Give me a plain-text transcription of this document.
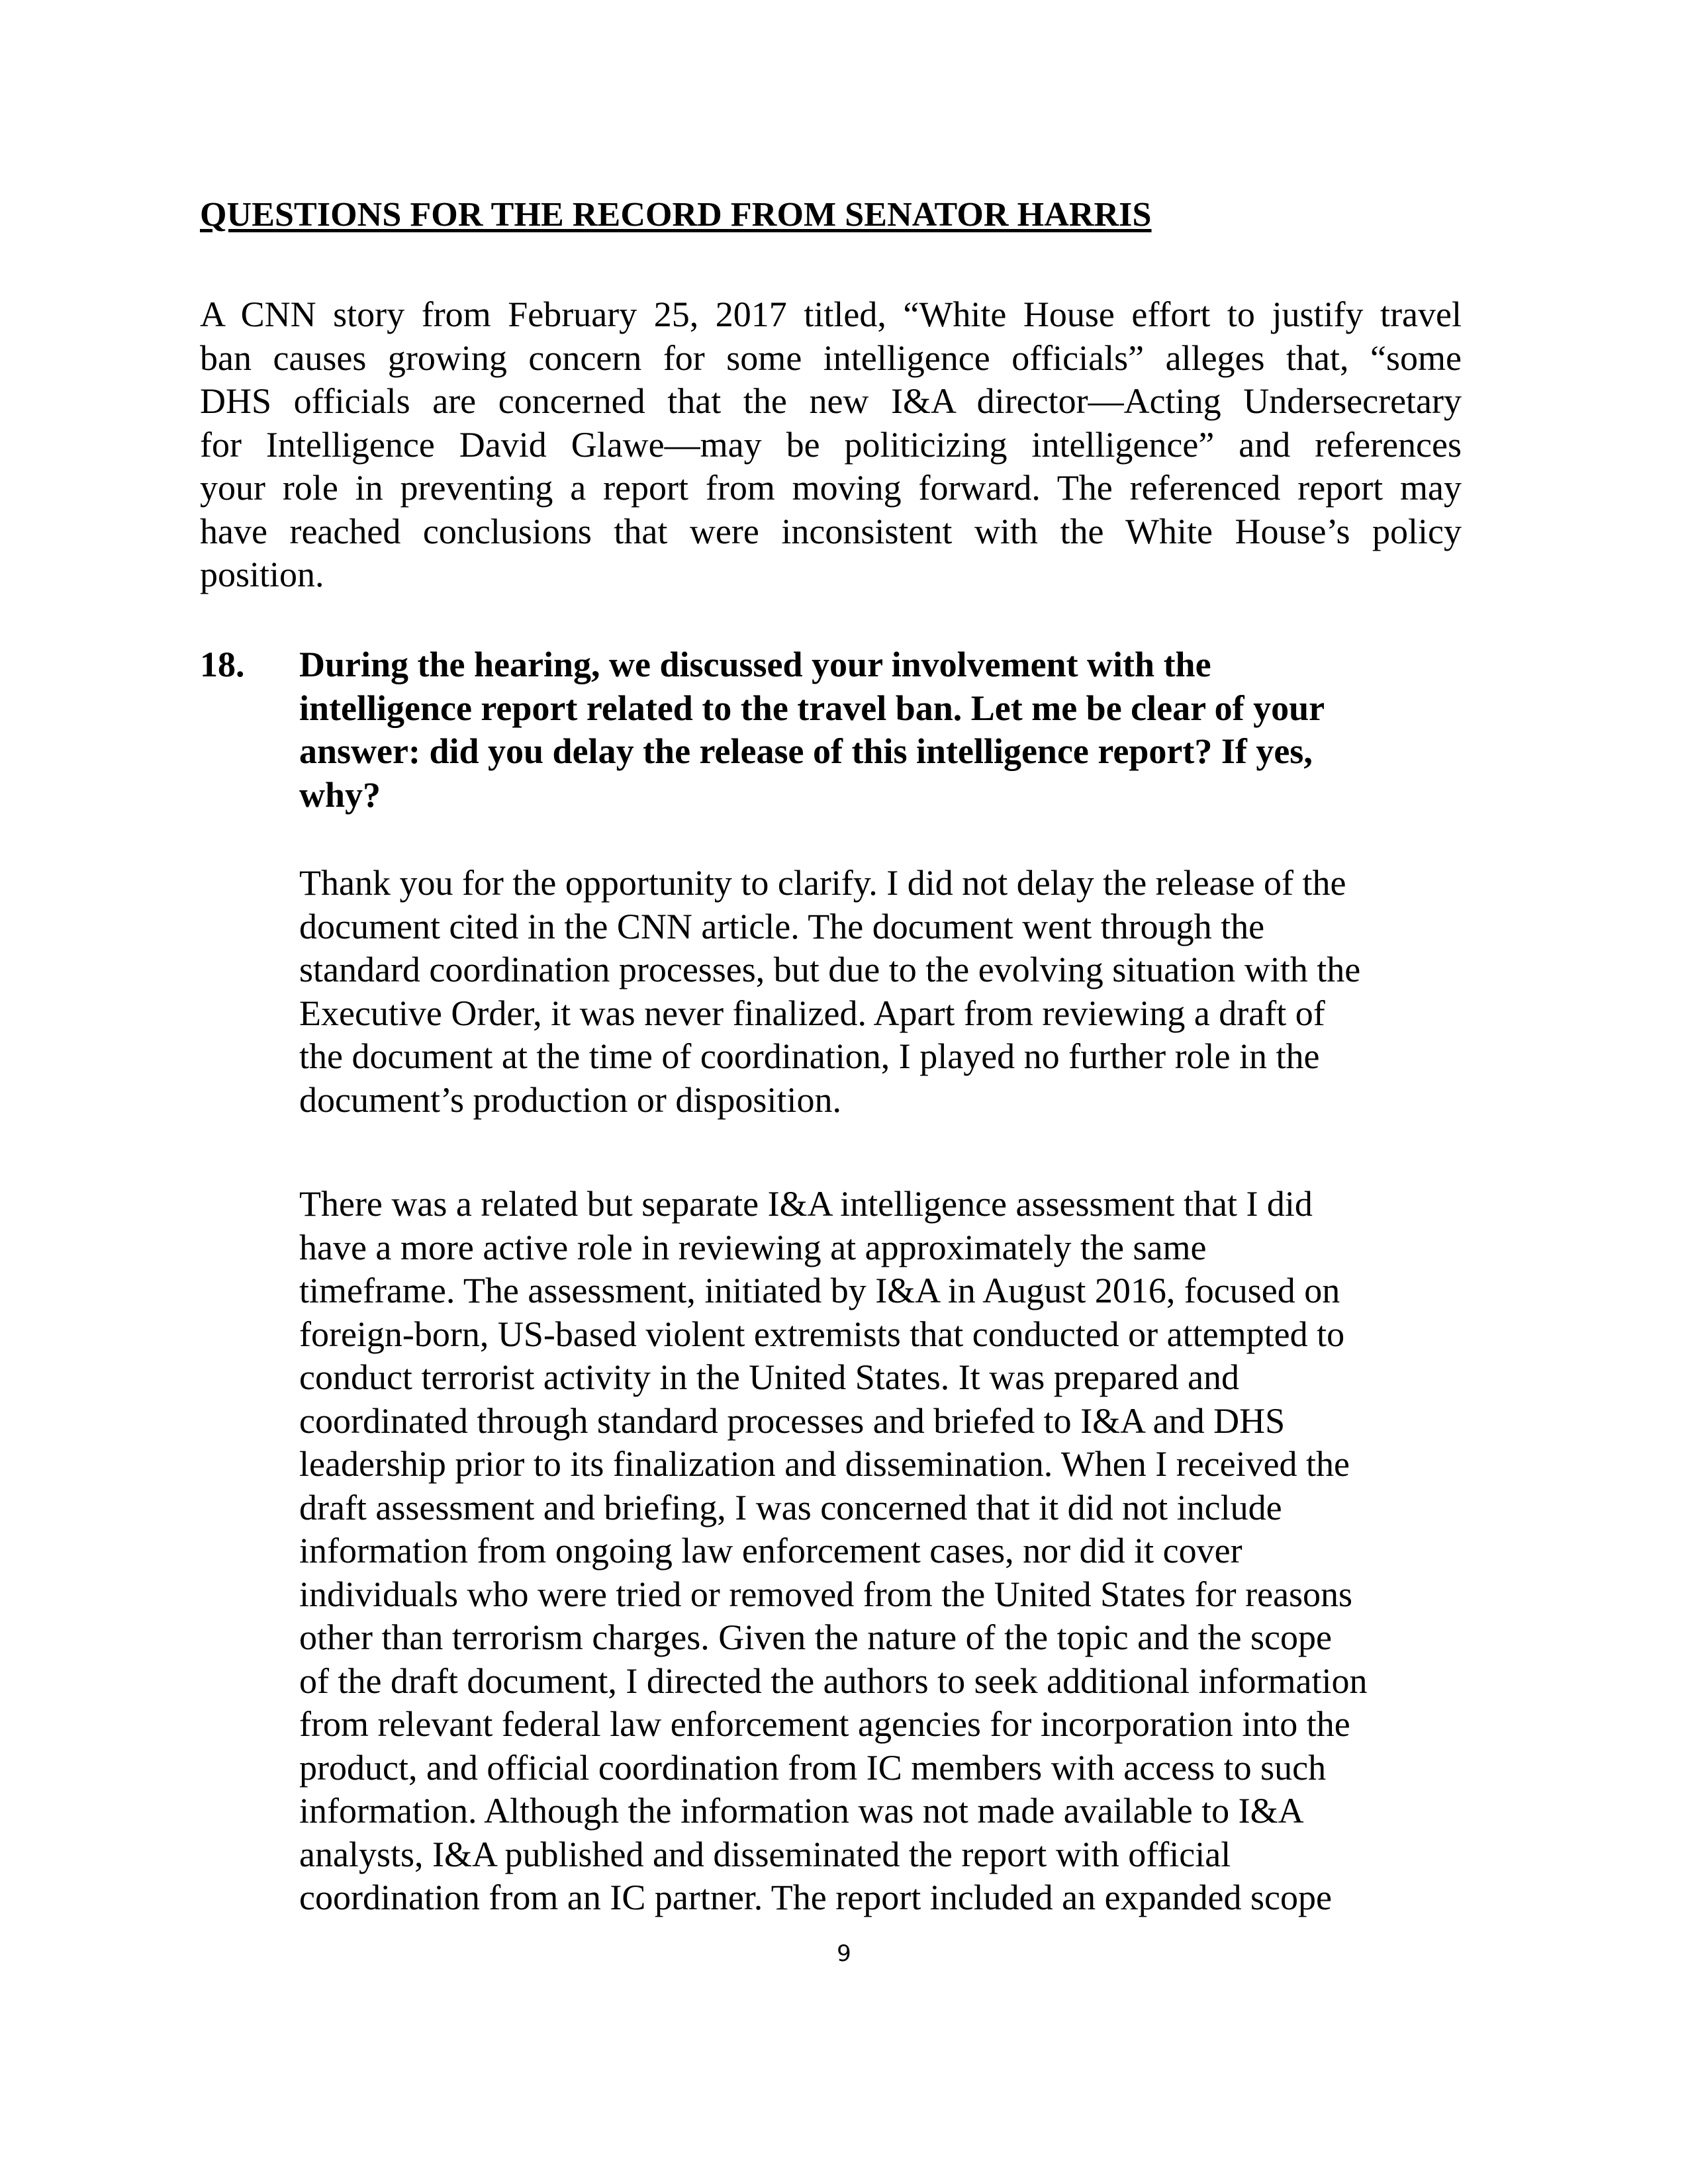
QUESTIONS FOR THE RECORD FROM SENATOR HARRIS
A CNN story from February 25, 2017 titled, “White House effort to justify travel
ban causes growing concern for some intelligence officials” alleges that, “some
DHS officials are concerned that the new I&A director—Acting Undersecretary
for Intelligence David Glawe—may be politicizing intelligence” and references
your role in preventing a report from moving forward. The referenced report may
have reached conclusions that were inconsistent with the White House’s policy
position.
18. During the hearing, we discussed your involvement with the
intelligence report related to the travel ban. Let me be clear of your
answer: did you delay the release of this intelligence report? If yes,
why?
Thank you for the opportunity to clarify. I did not delay the release of the
document cited in the CNN article. The document went through the
standard coordination processes, but due to the evolving situation with the
Executive Order, it was never finalized. Apart from reviewing a draft of
the document at the time of coordination, I played no further role in the
document’s production or disposition.
There was a related but separate I&A intelligence assessment that I did
have a more active role in reviewing at approximately the same
timeframe. The assessment, initiated by I&A in August 2016, focused on
foreign-born, US-based violent extremists that conducted or attempted to
conduct terrorist activity in the United States. It was prepared and
coordinated through standard processes and briefed to I&A and DHS
leadership prior to its finalization and dissemination. When I received the
draft assessment and briefing, I was concerned that it did not include
information from ongoing law enforcement cases, nor did it cover
individuals who were tried or removed from the United States for reasons
other than terrorism charges. Given the nature of the topic and the scope
of the draft document, I directed the authors to seek additional information
from relevant federal law enforcement agencies for incorporation into the
product, and official coordination from IC members with access to such
information. Although the information was not made available to I&A
analysts, I&A published and disseminated the report with official
coordination from an IC partner. The report included an expanded scope
9
